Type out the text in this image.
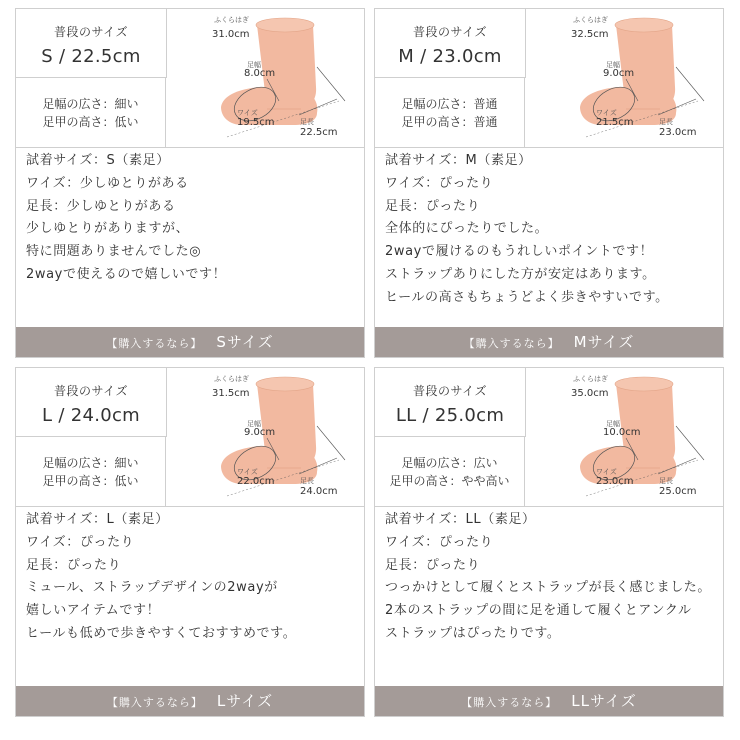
普段のサイズ
S / 22.5cm
足幅の広さ：細い
足甲の高さ：低い
ふくらはぎ
31.0cm
足幅
8.0cm
ワイズ
19.5cm	足長
22.5cm
試着サイズ：S（素足）
ワイズ：少しゆとりがある
足長：少しゆとりがある
少しゆとりがありますが、
特に問題ありませんでした◎
2wayで使えるので嬉しいです！
【購入するなら】 Sサイズ
普段のサイズ
M / 23.0cm
足幅の広さ：普通
足甲の高さ：普通
ふくらはぎ
32.5cm
足幅
9.0cm
ワイズ
21.5cm	足長
23.0cm
試着サイズ：M（素足）
ワイズ：ぴったり
足長：ぴったり
全体的にぴったりでした。
2wayで履けるのもうれしいポイントです！
ストラップありにした方が安定はあります。
ヒールの高さもちょうどよく歩きやすいです。
【購入するなら】 Mサイズ
普段のサイズ
L / 24.0cm
足幅の広さ：細い
足甲の高さ：低い
ふくらはぎ
31.5cm
足幅
9.0cm
ワイズ
22.0cm	足長
24.0cm
試着サイズ：L（素足）
ワイズ：ぴったり
足長：ぴったり
ミュール、ストラップデザインの2wayが
嬉しいアイテムです！
ヒールも低めで歩きやすくておすすめです。
【購入するなら】 Lサイズ
普段のサイズ
LL / 25.0cm
足幅の広さ：広い
足甲の高さ：やや高い
ふくらはぎ
35.0cm
足幅
10.0cm
ワイズ
23.0cm	足長
25.0cm
試着サイズ：LL（素足）
ワイズ：ぴったり
足長：ぴったり
つっかけとして履くとストラップが長く感じました。
2本のストラップの間に足を通して履くとアンクル
ストラップはぴったりです。
【購入するなら】 LLサイズ
